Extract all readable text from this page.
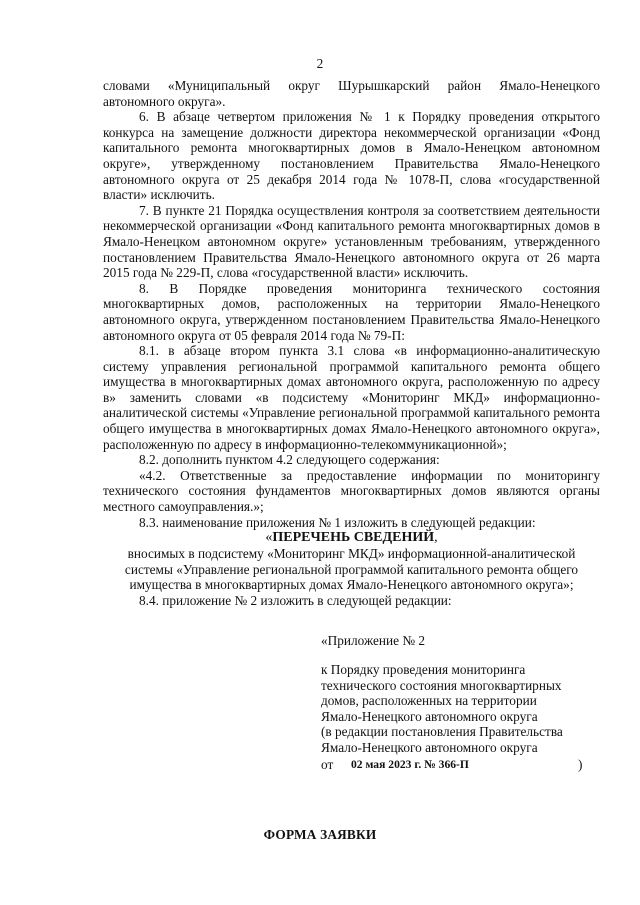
2

словами «Муниципальный округ Шурышкарский район Ямало-Ненецкого автономного округа».

6. В абзаце четвертом приложения № 1 к Порядку проведения открытого конкурса на замещение должности директора некоммерческой организации «Фонд капитального ремонта многоквартирных домов в Ямало-Ненецком автономном округе», утвержденному постановлением Правительства Ямало-Ненецкого автономного округа от 25 декабря 2014 года № 1078-П, слова «государственной власти» исключить.

7. В пункте 21 Порядка осуществления контроля за соответствием деятельности некоммерческой организации «Фонд капитального ремонта многоквартирных домов в Ямало-Ненецком автономном округе» установленным требованиям, утвержденного постановлением Правительства Ямало-Ненецкого автономного округа от 26 марта 2015 года № 229-П, слова «государственной власти» исключить.

8. В Порядке проведения мониторинга технического состояния многоквартирных домов, расположенных на территории Ямало-Ненецкого автономного округа, утвержденном постановлением Правительства Ямало-Ненецкого автономного округа от 05 февраля 2014 года № 79-П:

8.1. в абзаце втором пункта 3.1 слова «в информационно-аналитическую систему управления региональной программой капитального ремонта общего имущества в многоквартирных домах автономного округа, расположенную по адресу в» заменить словами «в подсистему «Мониторинг МКД» информационно-аналитической системы «Управление региональной программой капитального ремонта общего имущества в многоквартирных домах Ямало-Ненецкого автономного округа», расположенную по адресу в информационно-телекоммуникационной»;

8.2. дополнить пунктом 4.2 следующего содержания:

«4.2. Ответственные за предоставление информации по мониторингу технического состояния фундаментов многоквартирных домов являются органы местного самоуправления.»;

8.3. наименование приложения № 1 изложить в следующей редакции:

«ПЕРЕЧЕНЬ СВЕДЕНИЙ,

вносимых в подсистему «Мониторинг МКД» информационной-аналитической

системы «Управление региональной программой капитального ремонта общего

имущества в многоквартирных домах Ямало-Ненецкого автономного округа»;

8.4. приложение № 2 изложить в следующей редакции:

«Приложение № 2

к Порядку проведения мониторинга
технического состояния многоквартирных
домов, расположенных на территории
Ямало-Ненецкого автономного округа
(в редакции постановления Правительства
Ямало-Ненецкого автономного округа
от 02 мая 2023 г. № 366-П	)
ФОРМА ЗАЯВКИ
